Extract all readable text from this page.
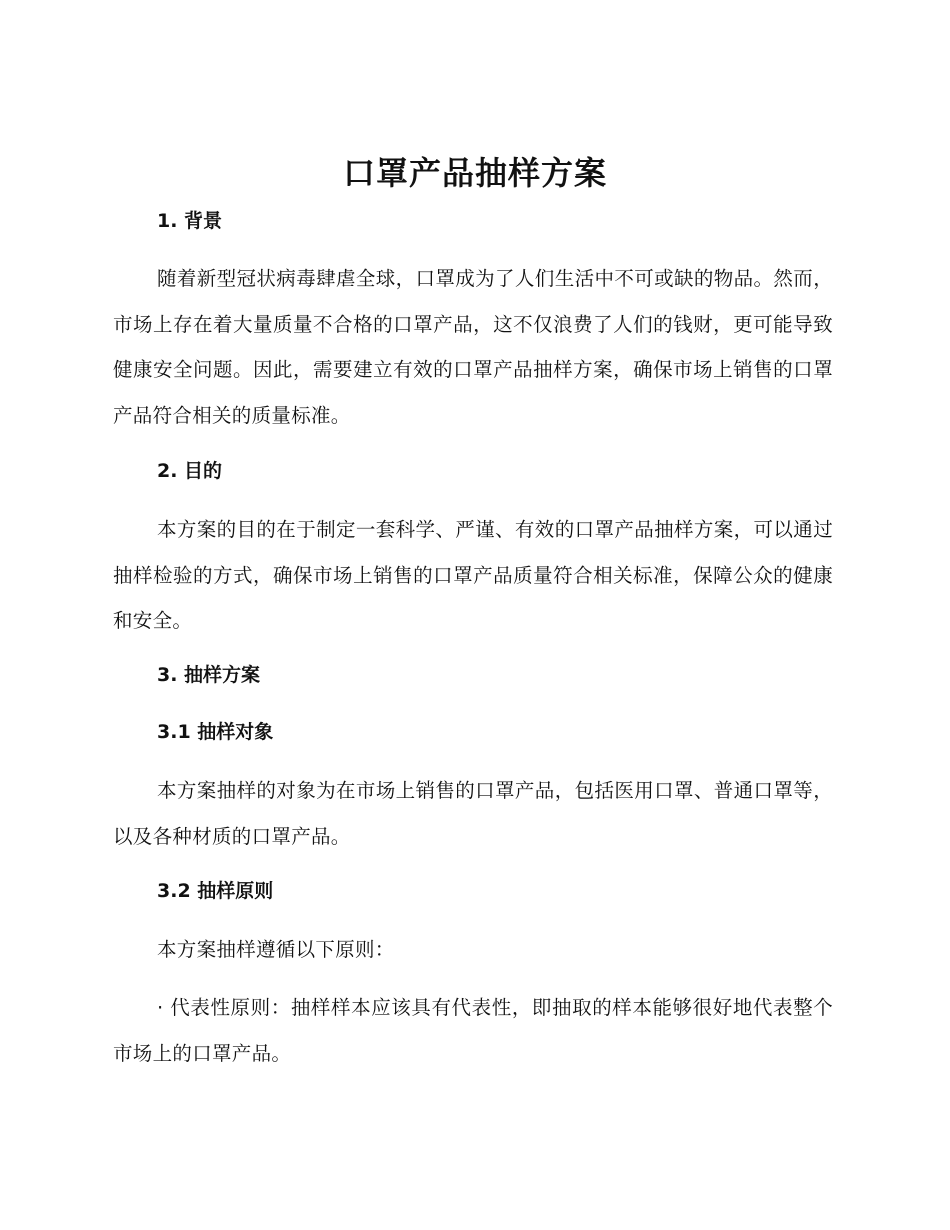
口罩产品抽样方案
1. 背景

随着新型冠状病毒肆虐全球，口罩成为了人们生活中不可或缺的物品。然而，市场上存在着大量质量不合格的口罩产品，这不仅浪费了人们的钱财，更可能导致健康安全问题。因此，需要建立有效的口罩产品抽样方案，确保市场上销售的口罩产品符合相关的质量标准。

2. 目的

本方案的目的在于制定一套科学、严谨、有效的口罩产品抽样方案，可以通过抽样检验的方式，确保市场上销售的口罩产品质量符合相关标准，保障公众的健康和安全。

3. 抽样方案
3.1 抽样对象

本方案抽样的对象为在市场上销售的口罩产品，包括医用口罩、普通口罩等，以及各种材质的口罩产品。

3.2 抽样原则

本方案抽样遵循以下原则：

· 代表性原则：抽样样本应该具有代表性，即抽取的样本能够很好地代表整个市场上的口罩产品。
